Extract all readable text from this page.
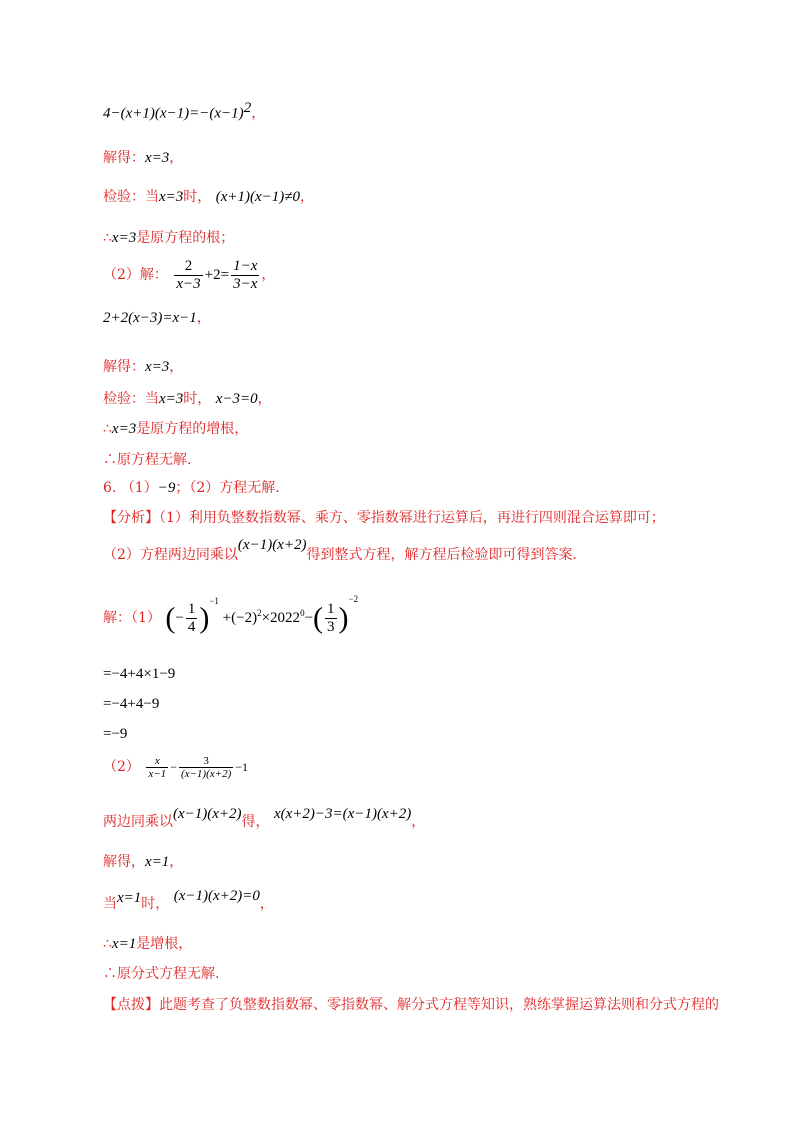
$4-(x+1)(x-1)=-(x-1)^2$，
解得：x=3，
检验：当x=3时， (x+1)(x−1)≠0，
∴x=3是原方程的根；
（2）解： $\frac{2}{x-3} +2= \frac{1-x}{3-x}$ ，
2+2(x−3)=x−1，
解得：x=3，
检验：当x=3时， x−3=0，
∴x=3是原方程的增根，
∴原方程无解.
6. （1）−9；（2）方程无解.
【分析】（1）利用负整数指数幂、乘方、零指数幂进行运算后，再进行四则混合运算即可；
（2）方程两边同乘以(x−1)(x+2)得到整式方程，解方程后检验即可得到答案.
解：（1） (− $\frac{1}{4} )^{-1} +(-2)^2\times 2022^0-( \frac{1}{3} )^{-2}$
=−4+4×1−9
=−4+4−9
=−9
$(2) \frac{x}{x-1} - \frac{3}{(x-1)(x+2)} -1$
两边同乘以(x−1)(x+2)得， x(x+2)−3=(x−1)(x+2)，
解得，x=1，
当x=1时， (x−1)(x+2)=0，
∴x=1是增根，
∴原分式方程无解.
【点拨】此题考查了负整数指数幂、零指数幂、解分式方程等知识，熟练掌握运算法则和分式方程的
